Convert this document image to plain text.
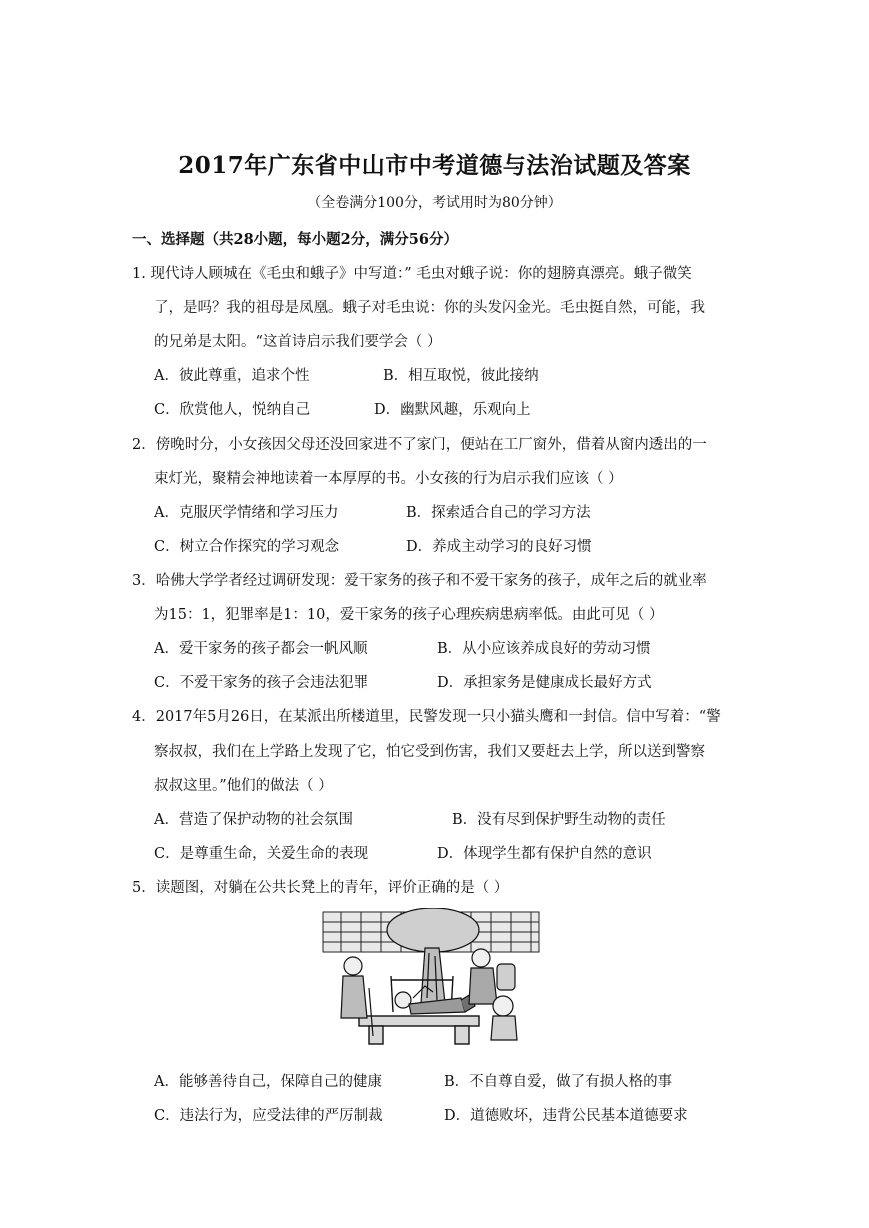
2017年广东省中山市中考道德与法治试题及答案
（全卷满分100分，考试用时为80分钟）
一、选择题（共28小题，每小题2分，满分56分）
1. 现代诗人顾城在《毛虫和蛾子》中写道：” 毛虫对蛾子说：你的翅膀真漂亮。蛾子微笑
了，是吗？我的祖母是凤凰。蛾子对毛虫说：你的头发闪金光。毛虫挺自然，可能，我
的兄弟是太阳。“这首诗启示我们要学会（ ）
A．彼此尊重，追求个性	B．相互取悦，彼此接纳
C．欣赏他人，悦纳自己	D．幽默风趣，乐观向上
2．傍晚时分，小女孩因父母还没回家进不了家门，便站在工厂窗外，借着从窗内透出的一
束灯光，聚精会神地读着一本厚厚的书。小女孩的行为启示我们应该（ ）
A．克服厌学情绪和学习压力	B．探索适合自己的学习方法
C．树立合作探究的学习观念	D．养成主动学习的良好习惯
3．哈佛大学学者经过调研发现：爱干家务的孩子和不爱干家务的孩子，成年之后的就业率
为15：1，犯罪率是1：10，爱干家务的孩子心理疾病患病率低。由此可见（ ）
A．爱干家务的孩子都会一帆风顺	B．从小应该养成良好的劳动习惯
C．不爱干家务的孩子会违法犯罪	D．承担家务是健康成长最好方式
4．2017年5月26日，在某派出所楼道里，民警发现一只小猫头鹰和一封信。信中写着：“警
察叔叔，我们在上学路上发现了它，怕它受到伤害，我们又要赶去上学，所以送到警察
叔叔这里。”他们的做法（ ）
A．营造了保护动物的社会氛围	B．没有尽到保护野生动物的责任
C．是尊重生命，关爱生命的表现	D．体现学生都有保护自然的意识
5．读题图，对躺在公共长凳上的青年，评价正确的是（ ）
A．能够善待自己，保障自己的健康	B．不自尊自爱，做了有损人格的事
C．违法行为，应受法律的严厉制裁	D．道德败坏，违背公民基本道德要求
